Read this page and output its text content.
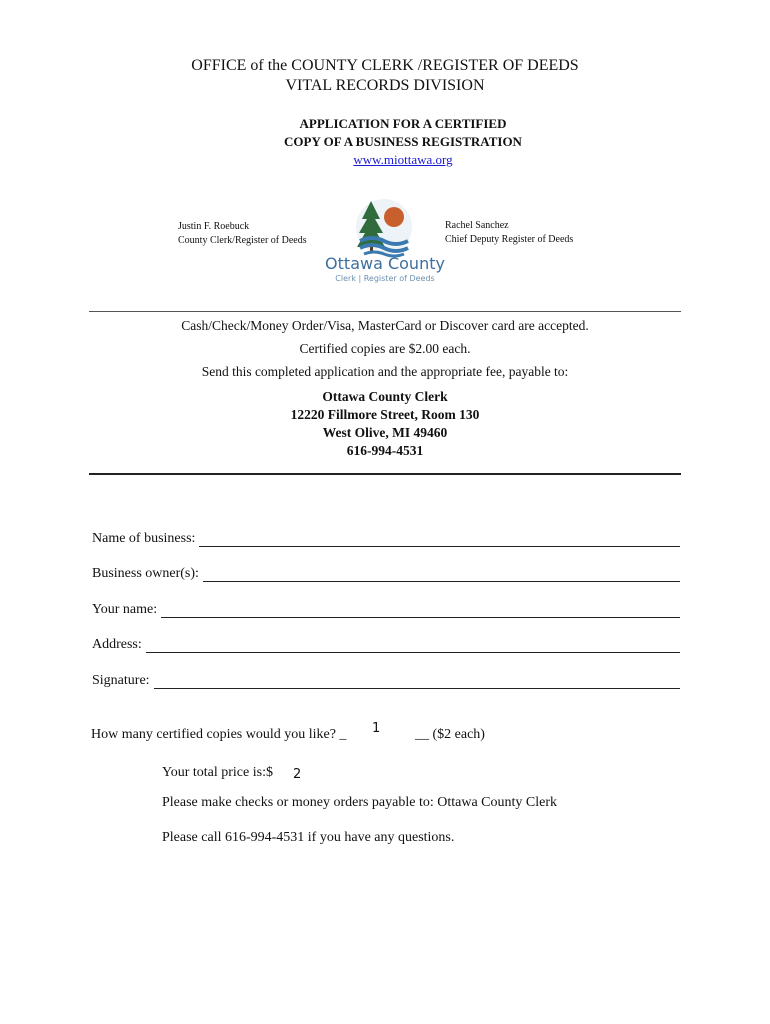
OFFICE of the COUNTY CLERK /REGISTER OF DEEDS
VITAL RECORDS DIVISION
APPLICATION FOR A CERTIFIED
COPY OF A BUSINESS REGISTRATION
www.miottawa.org
Justin F. Roebuck
County Clerk/Register of Deeds
Rachel Sanchez
Chief Deputy Register of Deeds
Ottawa County
Clerk | Register of Deeds
Cash/Check/Money Order/Visa, MasterCard or Discover card are accepted.
Certified copies are $2.00 each.
Send this completed application and the appropriate fee, payable to:
Ottawa County Clerk
12220 Fillmore Street, Room 130
West Olive, MI 49460
616-994-4531
Name of business:
Business owner(s):
Your name:
Address:
Signature:
How many certified copies would you like? _ 1 __ ($2 each)
Your total price is:$ 2
Please make checks or money orders payable to: Ottawa County Clerk
Please call 616-994-4531 if you have any questions.
